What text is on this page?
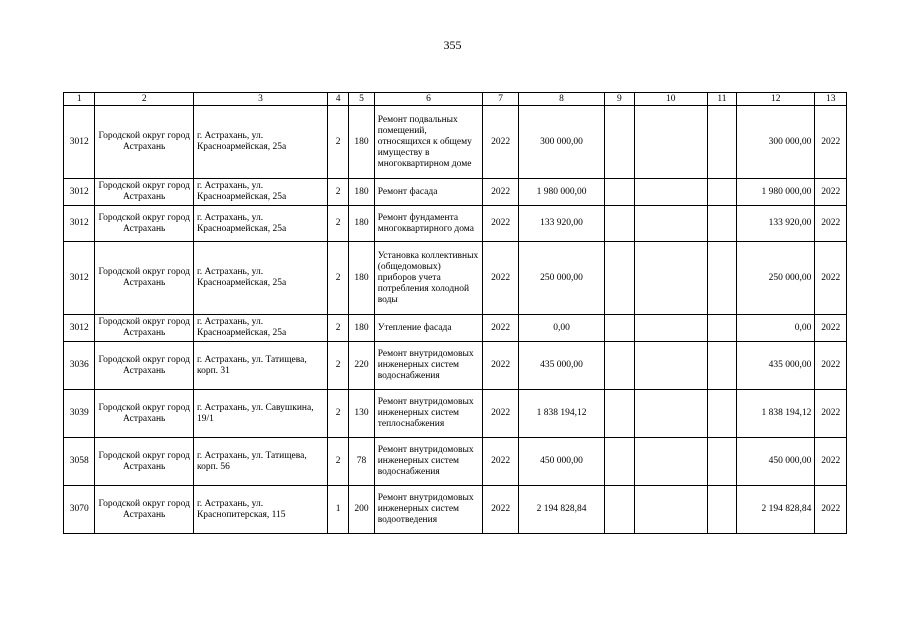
355
1	2	3	4	5	6	7	8	9	10	11	12	13
3012	Городской округ город Астрахань	г. Астрахань, ул. Красноармейская, 25а	2	180	Ремонт подвальных помещений, относящихся к общему имуществу в многоквартирном доме	2022	300 000,00				300 000,00	2022
3012	Городской округ город Астрахань	г. Астрахань, ул. Красноармейская, 25а	2	180	Ремонт фасада	2022	1 980 000,00				1 980 000,00	2022
3012	Городской округ город Астрахань	г. Астрахань, ул. Красноармейская, 25а	2	180	Ремонт фундамента многоквартирного дома	2022	133 920,00				133 920,00	2022
3012	Городской округ город Астрахань	г. Астрахань, ул. Красноармейская, 25а	2	180	Установка коллективных (общедомовых) приборов учета потребления холодной воды	2022	250 000,00				250 000,00	2022
3012	Городской округ город Астрахань	г. Астрахань, ул. Красноармейская, 25а	2	180	Утепление фасада	2022	0,00				0,00	2022
3036	Городской округ город Астрахань	г. Астрахань, ул. Татищева, корп. 31	2	220	Ремонт внутридомовых инженерных систем водоснабжения	2022	435 000,00				435 000,00	2022
3039	Городской округ город Астрахань	г. Астрахань, ул. Савушкина, 19/1	2	130	Ремонт внутридомовых инженерных систем теплоснабжения	2022	1 838 194,12				1 838 194,12	2022
3058	Городской округ город Астрахань	г. Астрахань, ул. Татищева, корп. 56	2	78	Ремонт внутридомовых инженерных систем водоснабжения	2022	450 000,00				450 000,00	2022
3070	Городской округ город Астрахань	г. Астрахань, ул. Краснопитерская, 115	1	200	Ремонт внутридомовых инженерных систем водоотведения	2022	2 194 828,84				2 194 828,84	2022
